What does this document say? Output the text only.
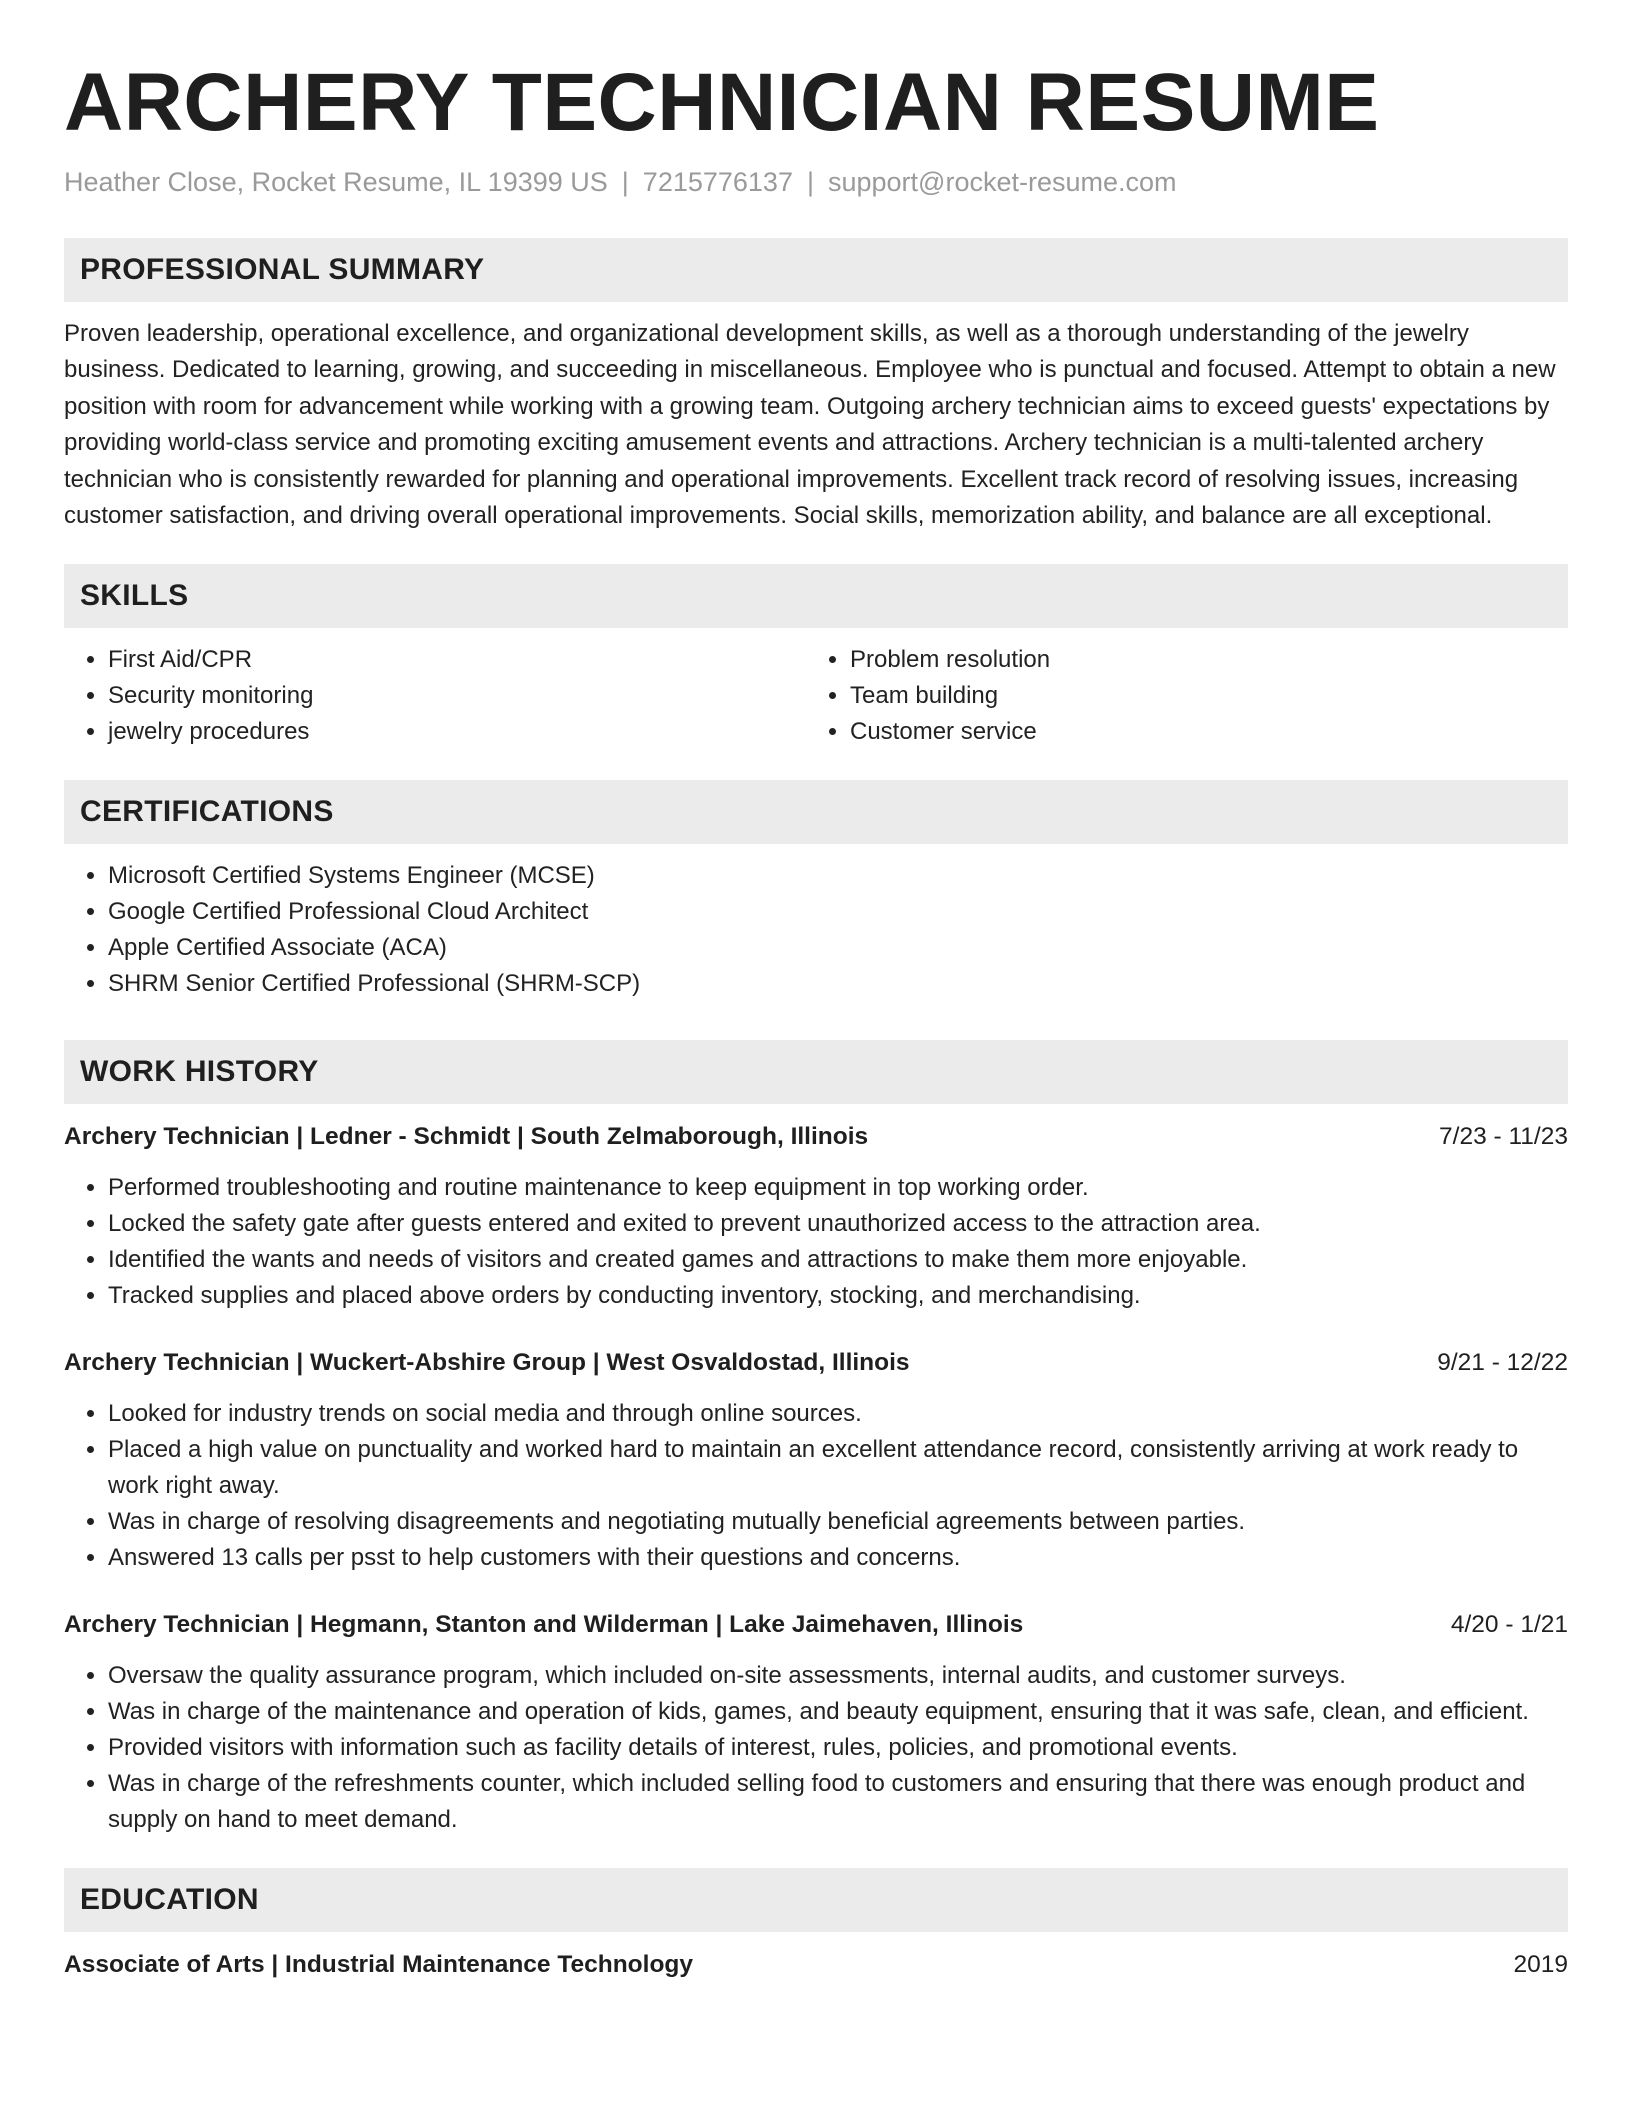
ARCHERY TECHNICIAN RESUME
Heather Close, Rocket Resume, IL 19399 US | 7215776137 | support@rocket-resume.com
PROFESSIONAL SUMMARY

Proven leadership, operational excellence, and organizational development skills, as well as a thorough understanding of the jewelry business. Dedicated to learning, growing, and succeeding in miscellaneous. Employee who is punctual and focused. Attempt to obtain a new position with room for advancement while working with a growing team. Outgoing archery technician aims to exceed guests' expectations by providing world-class service and promoting exciting amusement events and attractions. Archery technician is a multi-talented archery technician who is consistently rewarded for planning and operational improvements. Excellent track record of resolving issues, increasing customer satisfaction, and driving overall operational improvements. Social skills, memorization ability, and balance are all exceptional.

SKILLS
• First Aid/CPR
• Security monitoring
• jewelry procedures
• Problem resolution
• Team building
• Customer service
CERTIFICATIONS
• Microsoft Certified Systems Engineer (MCSE)
• Google Certified Professional Cloud Architect
• Apple Certified Associate (ACA)
• SHRM Senior Certified Professional (SHRM-SCP)
WORK HISTORY
Archery Technician | Ledner - Schmidt | South Zelmaborough, Illinois	7/23 - 11/23
• Performed troubleshooting and routine maintenance to keep equipment in top working order.
• Locked the safety gate after guests entered and exited to prevent unauthorized access to the attraction area.
• Identified the wants and needs of visitors and created games and attractions to make them more enjoyable.
• Tracked supplies and placed above orders by conducting inventory, stocking, and merchandising.
Archery Technician | Wuckert-Abshire Group | West Osvaldostad, Illinois	9/21 - 12/22
• Looked for industry trends on social media and through online sources.
• Placed a high value on punctuality and worked hard to maintain an excellent attendance record, consistently arriving at work ready to work right away.
• Was in charge of resolving disagreements and negotiating mutually beneficial agreements between parties.
• Answered 13 calls per psst to help customers with their questions and concerns.
Archery Technician | Hegmann, Stanton and Wilderman | Lake Jaimehaven, Illinois	4/20 - 1/21
• Oversaw the quality assurance program, which included on-site assessments, internal audits, and customer surveys.
• Was in charge of the maintenance and operation of kids, games, and beauty equipment, ensuring that it was safe, clean, and efficient.
• Provided visitors with information such as facility details of interest, rules, policies, and promotional events.
• Was in charge of the refreshments counter, which included selling food to customers and ensuring that there was enough product and supply on hand to meet demand.
EDUCATION
Associate of Arts | Industrial Maintenance Technology	2019
